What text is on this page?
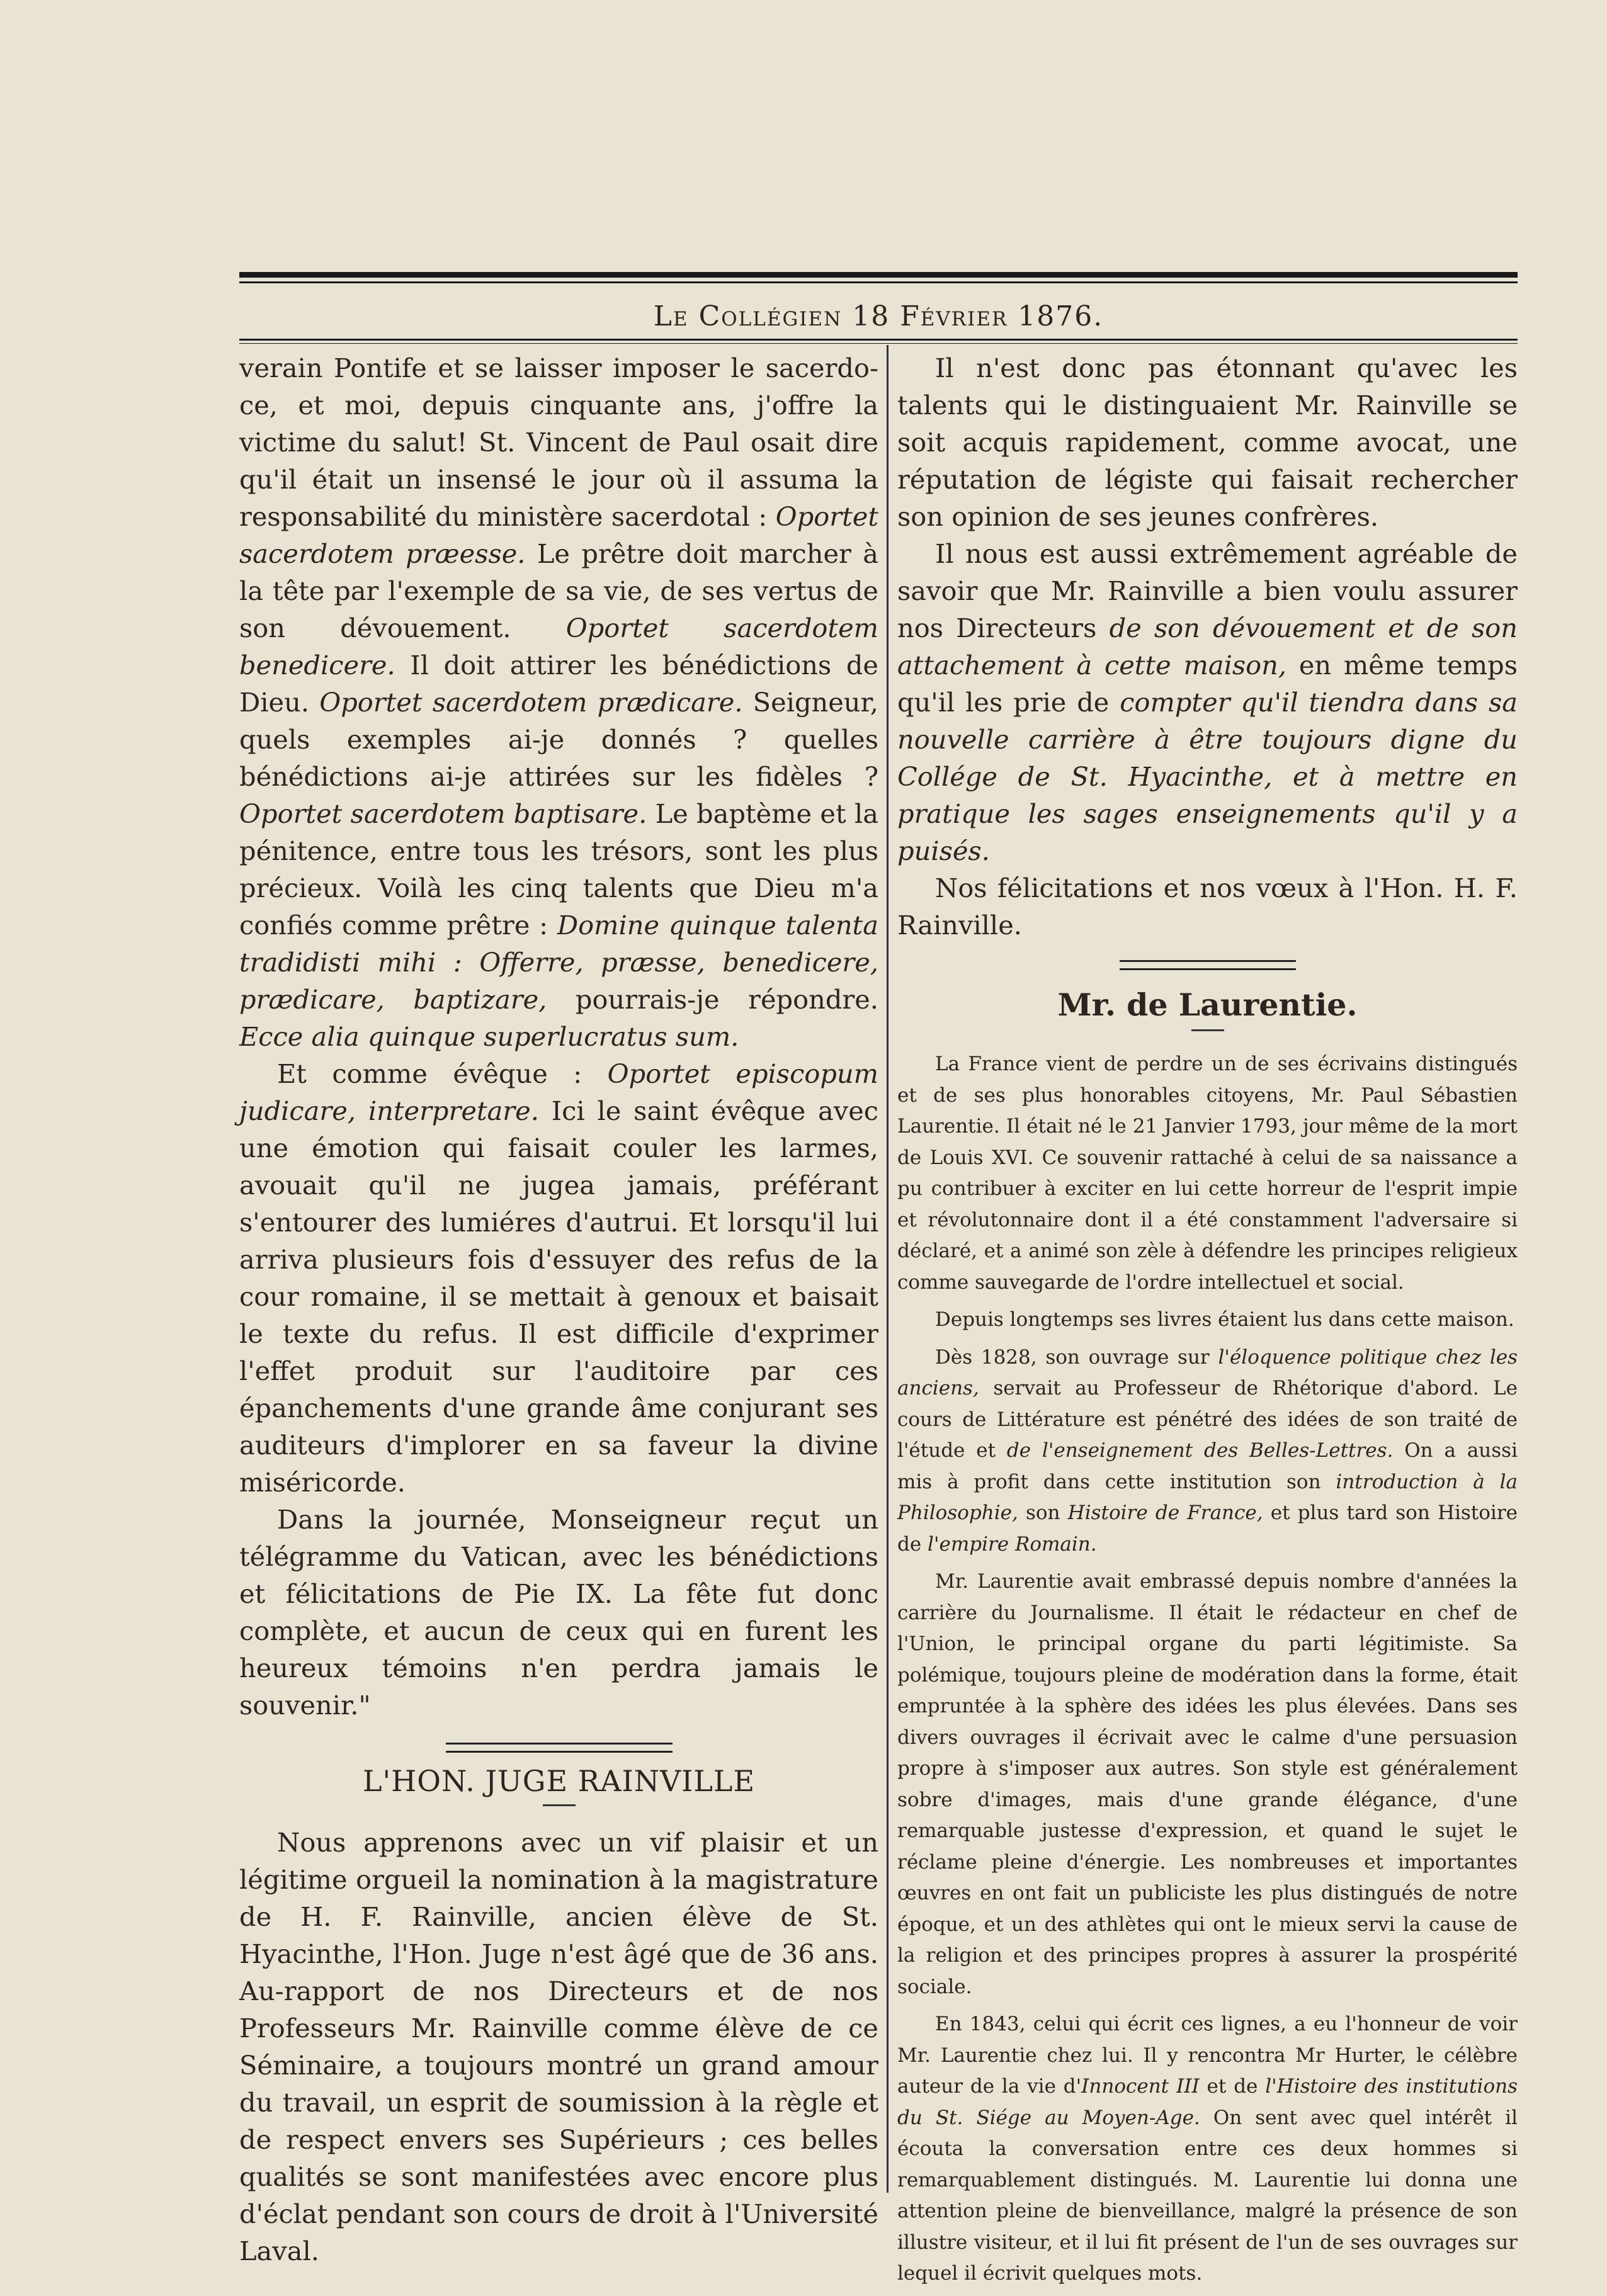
Le Collégien 18 Février 1876.

verain Pontife et se laisser imposer le sacerdo-ce, et moi, depuis cinquante ans, j'offre la victime du salut! St. Vincent de Paul osait dire qu'il était un insensé le jour où il assuma la responsabilité du ministère sacerdotal : Oportet sacerdotem præesse. Le prêtre doit marcher à la tête par l'exemple de sa vie, de ses vertus de son dévouement. Oportet sacerdotem benedicere. Il doit attirer les bénédictions de Dieu. Oportet sacerdotem prædicare. Seigneur, quels exemples ai-je donnés ? quelles bénédictions ai-je attirées sur les fidèles ? Oportet sacerdotem baptisare. Le baptème et la pénitence, entre tous les trésors, sont les plus précieux. Voilà les cinq talents que Dieu m'a confiés comme prêtre : Domine quinque talenta tradidisti mihi : Offerre, præsse, benedicere, prædicare, baptizare, pourrais-je répondre. Ecce alia quinque superlucratus sum.

Et comme évêque : Oportet episcopum judicare, interpretare. Ici le saint évêque avec une émotion qui faisait couler les larmes, avouait qu'il ne jugea jamais, préférant s'entourer des lumiéres d'autrui. Et lorsqu'il lui arriva plusieurs fois d'essuyer des refus de la cour romaine, il se mettait à genoux et baisait le texte du refus. Il est difficile d'exprimer l'effet produit sur l'auditoire par ces épanchements d'une grande âme conjurant ses auditeurs d'implorer en sa faveur la divine miséricorde.

Dans la journée, Monseigneur reçut un télégramme du Vatican, avec les bénédictions et félicitations de Pie IX. La fête fut donc complète, et aucun de ceux qui en furent les heureux témoins n'en perdra jamais le souvenir."

L'HON. JUGE RAINVILLE

Nous apprenons avec un vif plaisir et un légitime orgueil la nomination à la magistrature de H. F. Rainville, ancien élève de St. Hyacinthe, l'Hon. Juge n'est âgé que de 36 ans. Au-rapport de nos Directeurs et de nos Professeurs Mr. Rainville comme élève de ce Séminaire, a toujours montré un grand amour du travail, un esprit de soumission à la règle et de respect envers ses Supérieurs ; ces belles qualités se sont manifestées avec encore plus d'éclat pendant son cours de droit à l'Université Laval.

Il n'est donc pas étonnant qu'avec les talents qui le distinguaient Mr. Rainville se soit acquis rapidement, comme avocat, une réputation de légiste qui faisait rechercher son opinion de ses jeunes confrères.

Il nous est aussi extrêmement agréable de savoir que Mr. Rainville a bien voulu assurer nos Directeurs de son dévouement et de son attachement à cette maison, en même temps qu'il les prie de compter qu'il tiendra dans sa nouvelle carrière à être toujours digne du Collége de St. Hyacinthe, et à mettre en pratique les sages enseignements qu'il y a puisés.

Nos félicitations et nos vœux à l'Hon. H. F. Rainville.

Mr. de Laurentie.

La France vient de perdre un de ses écrivains distingués et de ses plus honorables citoyens, Mr. Paul Sébastien Laurentie. Il était né le 21 Janvier 1793, jour même de la mort de Louis XVI. Ce souvenir rattaché à celui de sa naissance a pu contribuer à exciter en lui cette horreur de l'esprit impie et révolutonnaire dont il a été constamment l'adversaire si déclaré, et a animé son zèle à défendre les principes religieux comme sauvegarde de l'ordre intellectuel et social.

Depuis longtemps ses livres étaient lus dans cette maison.

Dès 1828, son ouvrage sur l'éloquence politique chez les anciens, servait au Professeur de Rhétorique d'abord. Le cours de Littérature est pénétré des idées de son traité de l'étude et de l'enseignement des Belles-Lettres. On a aussi mis à profit dans cette institution son introduction à la Philosophie, son Histoire de France, et plus tard son Histoire de l'empire Romain.

Mr. Laurentie avait embrassé depuis nombre d'années la carrière du Journalisme. Il était le rédacteur en chef de l'Union, le principal organe du parti légitimiste. Sa polémique, toujours pleine de modération dans la forme, était empruntée à la sphère des idées les plus élevées. Dans ses divers ouvrages il écrivait avec le calme d'une persuasion propre à s'imposer aux autres. Son style est généralement sobre d'images, mais d'une grande élégance, d'une remarquable justesse d'expression, et quand le sujet le réclame pleine d'énergie. Les nombreuses et importantes œuvres en ont fait un publiciste les plus distingués de notre époque, et un des athlètes qui ont le mieux servi la cause de la religion et des principes propres à assurer la prospérité sociale.

En 1843, celui qui écrit ces lignes, a eu l'honneur de voir Mr. Laurentie chez lui. Il y rencontra Mr Hurter, le célèbre auteur de la vie d'Innocent III et de l'Histoire des institutions du St. Siége au Moyen-Age. On sent avec quel intérêt il écouta la conversation entre ces deux hommes si remarquablement distingués. M. Laurentie lui donna une attention pleine de bienveillance, malgré la présence de son illustre visiteur, et il lui fit présent de l'un de ses ouvrages sur lequel il écrivit quelques mots.
